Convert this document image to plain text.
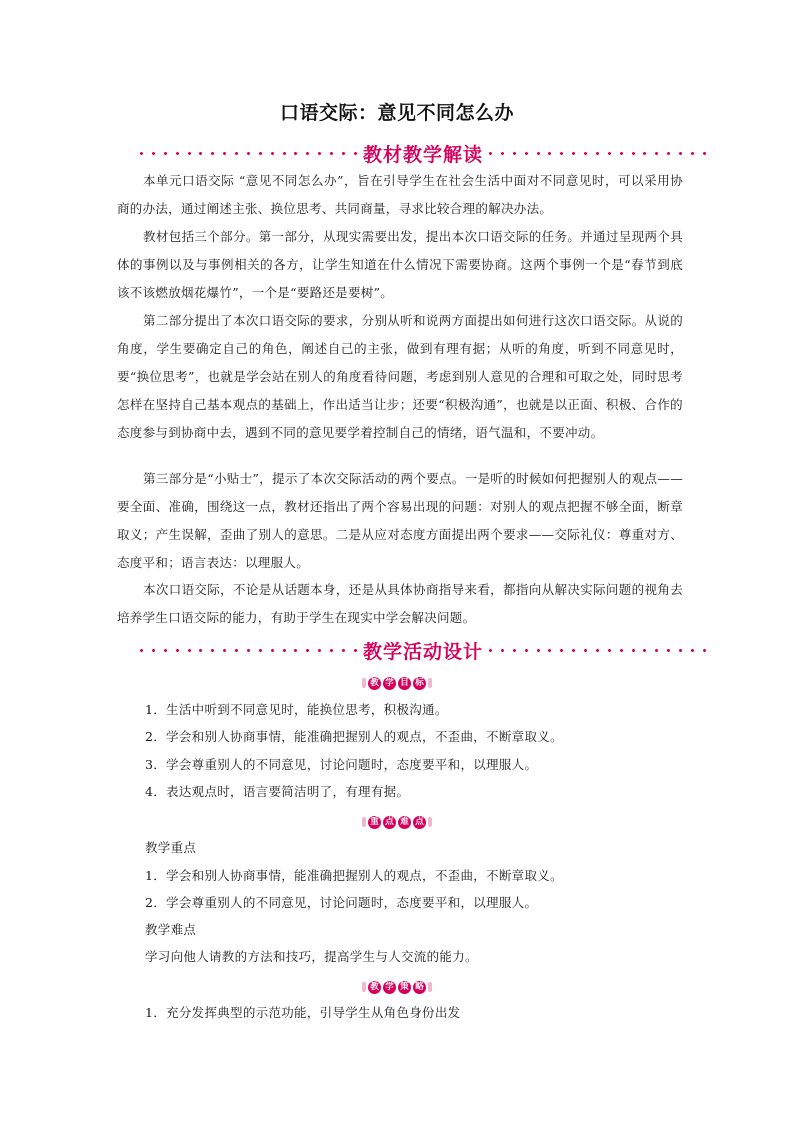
口语交际：意见不同怎么办
教材教学解读
本单元口语交际 “意见不同怎么办”，旨在引导学生在社会生活中面对不同意见时，可以采用协商的办法，通过阐述主张、换位思考、共同商量，寻求比较合理的解决办法。
教材包括三个部分。第一部分，从现实需要出发，提出本次口语交际的任务。并通过呈现两个具体的事例以及与事例相关的各方，让学生知道在什么情况下需要协商。这两个事例一个是“春节到底该不该燃放烟花爆竹”，一个是“要路还是要树”。
第二部分提出了本次口语交际的要求，分别从听和说两方面提出如何进行这次口语交际。从说的角度，学生要确定自己的角色，阐述自己的主张，做到有理有据；从听的角度，听到不同意见时，要“换位思考”，也就是学会站在别人的角度看待问题，考虑到别人意见的合理和可取之处，同时思考怎样在坚持自己基本观点的基础上，作出适当让步；还要“积极沟通”，也就是以正面、积极、合作的态度参与到协商中去，遇到不同的意见要学着控制自己的情绪，语气温和，不要冲动。
第三部分是“小贴士”，提示了本次交际活动的两个要点。一是听的时候如何把握别人的观点——要全面、准确，围绕这一点，教材还指出了两个容易出现的问题：对别人的观点把握不够全面，断章取义；产生误解，歪曲了别人的意思。二是从应对态度方面提出两个要求——交际礼仪：尊重对方、态度平和；语言表达：以理服人。
本次口语交际，不论是从话题本身，还是从具体协商指导来看，都指向从解决实际问题的视角去培养学生口语交际的能力，有助于学生在现实中学会解决问题。
教学活动设计
教 学 目 标
1．生活中听到不同意见时，能换位思考，积极沟通。
2．学会和别人协商事情，能准确把握别人的观点，不歪曲，不断章取义。
3．学会尊重别人的不同意见，讨论问题时，态度要平和，以理服人。
4．表达观点时，语言要简洁明了，有理有据。
重 点 难 点
教学重点
1．学会和别人协商事情，能准确把握别人的观点，不歪曲，不断章取义。
2．学会尊重别人的不同意见，讨论问题时，态度要平和，以理服人。
教学难点
学习向他人请教的方法和技巧，提高学生与人交流的能力。
教 学 策 略
1．充分发挥典型的示范功能，引导学生从角色身份出发
